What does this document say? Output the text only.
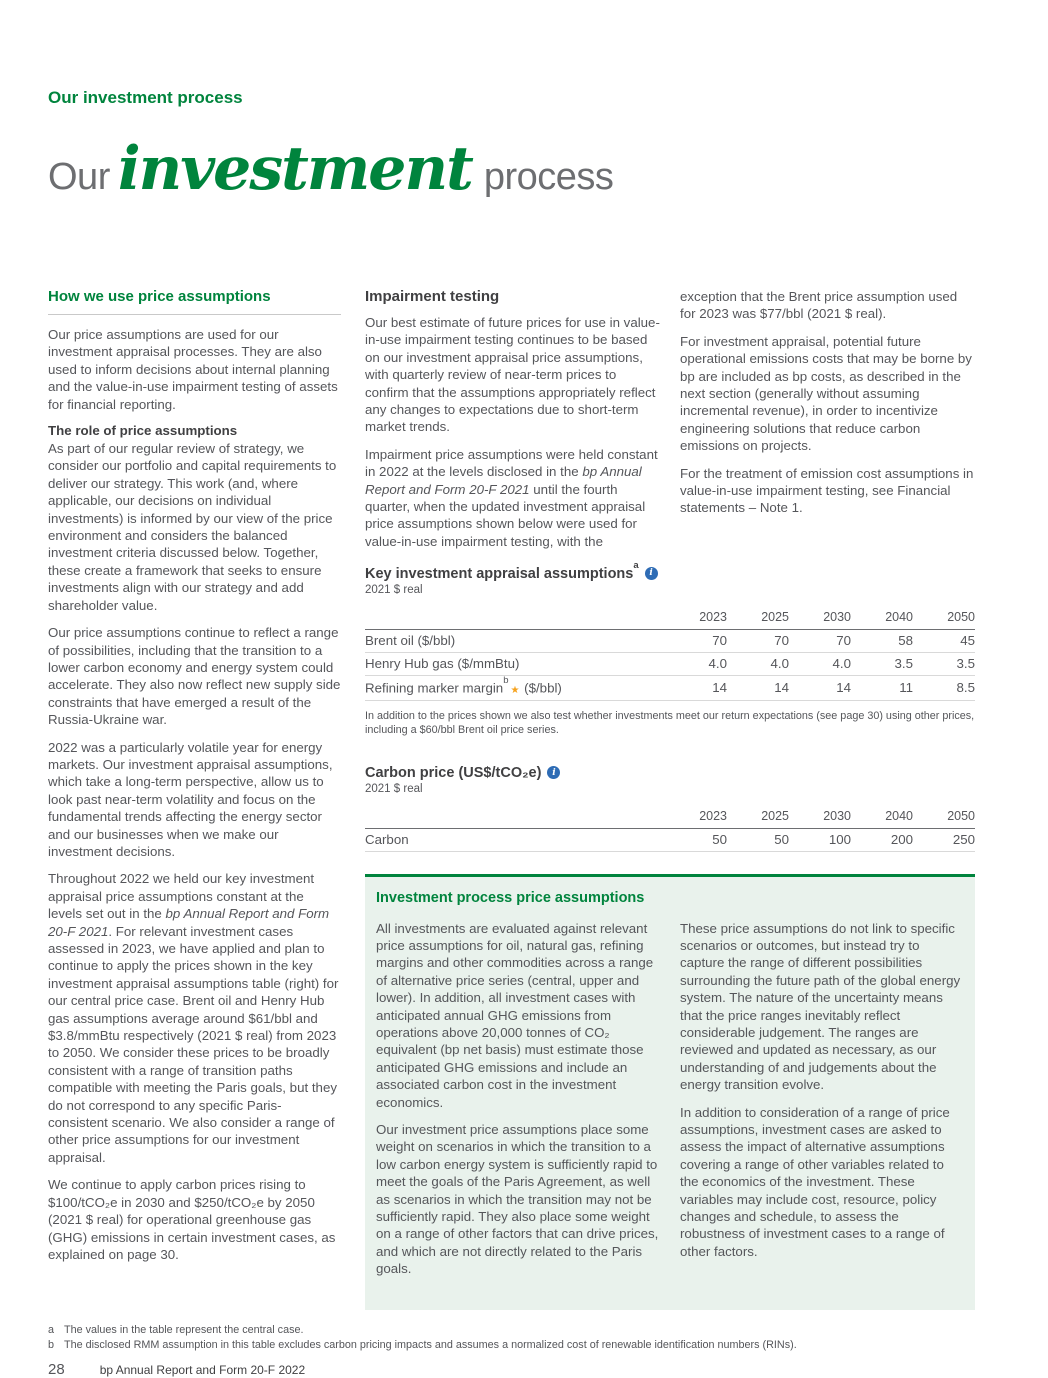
Our investment process
Our investment process
How we use price assumptions

Our price assumptions are used for our investment appraisal processes. They are also used to inform decisions about internal planning and the value-in-use impairment testing of assets for financial reporting.

The role of price assumptions

As part of our regular review of strategy, we consider our portfolio and capital requirements to deliver our strategy. This work (and, where applicable, our decisions on individual investments) is informed by our view of the price environment and considers the balanced investment criteria discussed below. Together, these create a framework that seeks to ensure investments align with our strategy and add shareholder value.

Our price assumptions continue to reflect a range of possibilities, including that the transition to a lower carbon economy and energy system could accelerate. They also now reflect new supply side constraints that have emerged a result of the Russia-Ukraine war.

2022 was a particularly volatile year for energy markets. Our investment appraisal assumptions, which take a long-term perspective, allow us to look past near-term volatility and focus on the fundamental trends affecting the energy sector and our businesses when we make our investment decisions.

Throughout 2022 we held our key investment appraisal price assumptions constant at the levels set out in the bp Annual Report and Form 20-F 2021. For relevant investment cases assessed in 2023, we have applied and plan to continue to apply the prices shown in the key investment appraisal assumptions table (right) for our central price case. Brent oil and Henry Hub gas assumptions average around $61/bbl and $3.8/mmBtu respectively (2021 $ real) from 2023 to 2050. We consider these prices to be broadly consistent with a range of transition paths compatible with meeting the Paris goals, but they do not correspond to any specific Paris-consistent scenario. We also consider a range of other price assumptions for our investment appraisal.

We continue to apply carbon prices rising to $100/tCO₂e in 2030 and $250/tCO₂e by 2050 (2021 $ real) for operational greenhouse gas (GHG) emissions in certain investment cases, as explained on page 30.

Impairment testing

Our best estimate of future prices for use in value-in-use impairment testing continues to be based on our investment appraisal price assumptions, with quarterly review of near-term prices to confirm that the assumptions appropriately reflect any changes to expectations due to short-term market trends.

Impairment price assumptions were held constant in 2022 at the levels disclosed in the bp Annual Report and Form 20-F 2021 until the fourth quarter, when the updated investment appraisal price assumptions shown below were used for value-in-use impairment testing, with the

exception that the Brent price assumption used for 2023 was $77/bbl (2021 $ real).

For investment appraisal, potential future operational emissions costs that may be borne by bp are included as bp costs, as described in the next section (generally without assuming incremental revenue), in order to incentivize engineering solutions that reduce carbon emissions on projects.

For the treatment of emission cost assumptions in value-in-use impairment testing, see Financial statements – Note 1.

Key investment appraisal assumptions$^a$
i
2021 $ real
	2023	2025	2030	2040	2050
Brent oil ($/bbl)	70	70	70	58	45
Henry Hub gas ($/mmBtu)	4.0	4.0	4.0	3.5	3.5
Refining marker margin$^b$★ ($/bbl)	14	14	14	11	8.5
In addition to the prices shown we also test whether investments meet our return expectations (see page 30) using other prices, including a $60/bbl Brent oil price series.
Carbon price (US$/tCO₂e)	i
2021 $ real
	2023	2025	2030	2040	2050
Carbon	50	50	100	200	250
Investment process price assumptions

All investments are evaluated against relevant price assumptions for oil, natural gas, refining margins and other commodities across a range of alternative price series (central, upper and lower). In addition, all investment cases with anticipated annual GHG emissions from operations above 20,000 tonnes of CO₂ equivalent (bp net basis) must estimate those anticipated GHG emissions and include an associated carbon cost in the investment economics.

Our investment price assumptions place some weight on scenarios in which the transition to a low carbon energy system is sufficiently rapid to meet the goals of the Paris Agreement, as well as scenarios in which the transition may not be sufficiently rapid. They also place some weight on a range of other factors that can drive prices, and which are not directly related to the Paris goals.

These price assumptions do not link to specific scenarios or outcomes, but instead try to capture the range of different possibilities surrounding the future path of the global energy system. The nature of the uncertainty means that the price ranges inevitably reflect considerable judgement. The ranges are reviewed and updated as necessary, as our understanding of and judgements about the energy transition evolve.

In addition to consideration of a range of price assumptions, investment cases are asked to assess the impact of alternative assumptions covering a range of other variables related to the economics of the investment. These variables may include cost, resource, policy changes and schedule, to assess the robustness of investment cases to a range of other factors.

a The values in the table represent the central case.
b The disclosed RMM assumption in this table excludes carbon pricing impacts and assumes a normalized cost of renewable identification numbers (RINs).
28	bp Annual Report and Form 20-F 2022
